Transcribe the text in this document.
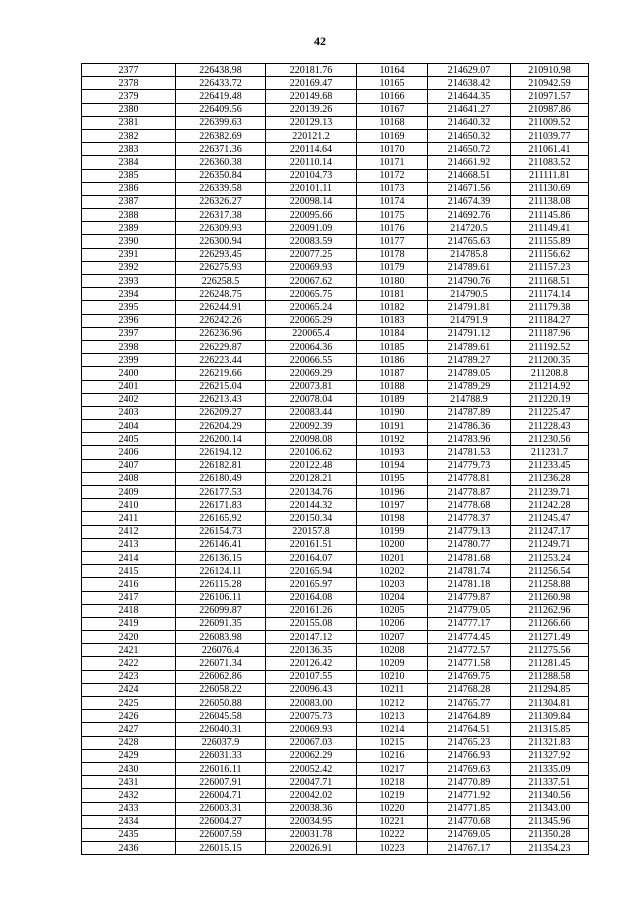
42
2377	226438.98	220181.76	10164	214629.07	210910.98
2378	226433.72	220169.47	10165	214638.42	210942.59
2379	226419.48	220149.68	10166	214644.35	210971.57
2380	226409.56	220139.26	10167	214641.27	210987.86
2381	226399.63	220129.13	10168	214640.32	211009.52
2382	226382.69	220121.2	10169	214650.32	211039.77
2383	226371.36	220114.64	10170	214650.72	211061.41
2384	226360.38	220110.14	10171	214661.92	211083.52
2385	226350.84	220104.73	10172	214668.51	211111.81
2386	226339.58	220101.11	10173	214671.56	211130.69
2387	226326.27	220098.14	10174	214674.39	211138.08
2388	226317.38	220095.66	10175	214692.76	211145.86
2389	226309.93	220091.09	10176	214720.5	211149.41
2390	226300.94	220083.59	10177	214765.63	211155.89
2391	226293.45	220077.25	10178	214785.8	211156.62
2392	226275.93	220069.93	10179	214789.61	211157.23
2393	226258.5	220067.62	10180	214790.76	211168.51
2394	226248.75	220065.75	10181	214790.5	211174.14
2395	226244.91	220065.24	10182	214791.81	211179.38
2396	226242.26	220065.29	10183	214791.9	211184.27
2397	226236.96	220065.4	10184	214791.12	211187.96
2398	226229.87	220064.36	10185	214789.61	211192.52
2399	226223.44	220066.55	10186	214789.27	211200.35
2400	226219.66	220069.29	10187	214789.05	211208.8
2401	226215.04	220073.81	10188	214789.29	211214.92
2402	226213.43	220078.04	10189	214788.9	211220.19
2403	226209.27	220083.44	10190	214787.89	211225.47
2404	226204.29	220092.39	10191	214786.36	211228.43
2405	226200.14	220098.08	10192	214783.96	211230.56
2406	226194.12	220106.62	10193	214781.53	211231.7
2407	226182.81	220122.48	10194	214779.73	211233.45
2408	226180.49	220128.21	10195	214778.81	211236.28
2409	226177.53	220134.76	10196	214778.87	211239.71
2410	226171.83	220144.32	10197	214778.68	211242.28
2411	226165.92	220150.34	10198	214778.37	211245.47
2412	226154.73	220157.8	10199	214779.13	211247.17
2413	226146.41	220161.51	10200	214780.77	211249.71
2414	226136.15	220164.07	10201	214781.68	211253.24
2415	226124.11	220165.94	10202	214781.74	211256.54
2416	226115.28	220165.97	10203	214781.18	211258.88
2417	226106.11	220164.08	10204	214779.87	211260.98
2418	226099.87	220161.26	10205	214779.05	211262.96
2419	226091.35	220155.08	10206	214777.17	211266.66
2420	226083.98	220147.12	10207	214774.45	211271.49
2421	226076.4	220136.35	10208	214772.57	211275.56
2422	226071.34	220126.42	10209	214771.58	211281.45
2423	226062.86	220107.55	10210	214769.75	211288.58
2424	226058.22	220096.43	10211	214768.28	211294.85
2425	226050.88	220083.00	10212	214765.77	211304.81
2426	226045.58	220075.73	10213	214764.89	211309.84
2427	226040.31	220069.93	10214	214764.51	211315.85
2428	226037.9	220067.03	10215	214765.23	211321.83
2429	226031.33	220062.29	10216	214766.93	211327.92
2430	226016.11	220052.42	10217	214769.63	211335.09
2431	226007.91	220047.71	10218	214770.89	211337.51
2432	226004.71	220042.02	10219	214771.92	211340.56
2433	226003.31	220038.36	10220	214771.85	211343.00
2434	226004.27	220034.95	10221	214770.68	211345.96
2435	226007.59	220031.78	10222	214769.05	211350.28
2436	226015.15	220026.91	10223	214767.17	211354.23
